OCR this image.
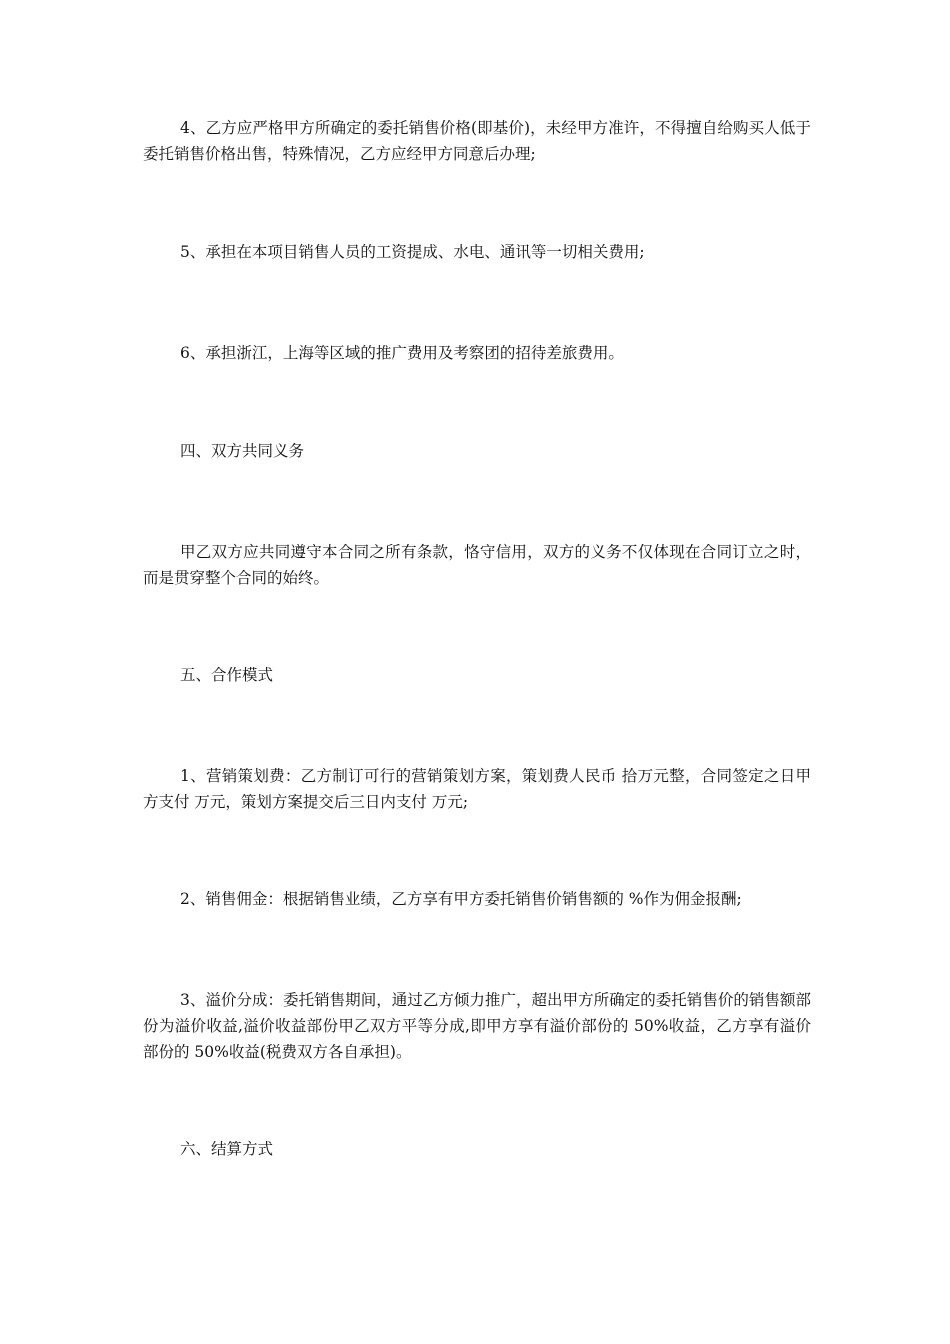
4、乙方应严格甲方所确定的委托销售价格(即基价)，未经甲方准许，不得擅自给购买人低于委托销售价格出售，特殊情况，乙方应经甲方同意后办理;

5、承担在本项目销售人员的工资提成、水电、通讯等一切相关费用;

6、承担浙江，上海等区域的推广费用及考察团的招待差旅费用。

四、双方共同义务

甲乙双方应共同遵守本合同之所有条款，恪守信用，双方的义务不仅体现在合同订立之时，而是贯穿整个合同的始终。

五、合作模式

1、营销策划费：乙方制订可行的营销策划方案，策划费人民币 拾万元整，合同签定之日甲方支付 万元，策划方案提交后三日内支付 万元;

2、销售佣金：根据销售业绩，乙方享有甲方委托销售价销售额的 %作为佣金报酬;

3、溢价分成：委托销售期间，通过乙方倾力推广，超出甲方所确定的委托销售价的销售额部份为溢价收益,溢价收益部份甲乙双方平等分成,即甲方享有溢价部份的 50%收益，乙方享有溢价部份的 50%收益(税费双方各自承担)。

六、结算方式
